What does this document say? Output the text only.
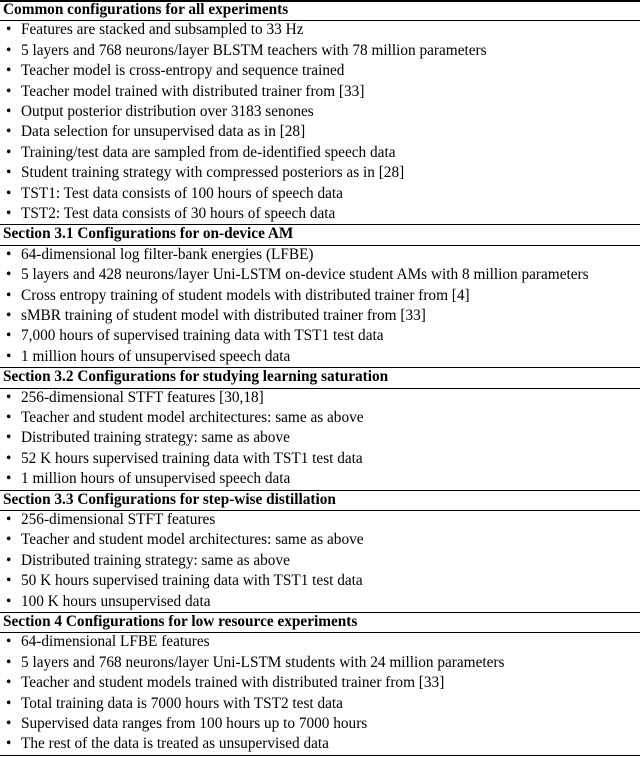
Common configurations for all experiments
• Features are stacked and subsampled to 33 Hz
• 5 layers and 768 neurons/layer BLSTM teachers with 78 million parameters
• Teacher model is cross-entropy and sequence trained
• Teacher model trained with distributed trainer from [33]
• Output posterior distribution over 3183 senones
• Data selection for unsupervised data as in [28]
• Training/test data are sampled from de-identified speech data
• Student training strategy with compressed posteriors as in [28]
• TST1: Test data consists of 100 hours of speech data
• TST2: Test data consists of 30 hours of speech data
Section 3.1 Configurations for on-device AM
• 64-dimensional log filter-bank energies (LFBE)
• 5 layers and 428 neurons/layer Uni-LSTM on-device student AMs with 8 million parameters
• Cross entropy training of student models with distributed trainer from [4]
• sMBR training of student model with distributed trainer from [33]
• 7,000 hours of supervised training data with TST1 test data
• 1 million hours of unsupervised speech data
Section 3.2 Configurations for studying learning saturation
• 256-dimensional STFT features [30,18]
• Teacher and student model architectures: same as above
• Distributed training strategy: same as above
• 52 K hours supervised training data with TST1 test data
• 1 million hours of unsupervised speech data
Section 3.3 Configurations for step-wise distillation
• 256-dimensional STFT features
• Teacher and student model architectures: same as above
• Distributed training strategy: same as above
• 50 K hours supervised training data with TST1 test data
• 100 K hours unsupervised data
Section 4 Configurations for low resource experiments
• 64-dimensional LFBE features
• 5 layers and 768 neurons/layer Uni-LSTM students with 24 million parameters
• Teacher and student models trained with distributed trainer from [33]
• Total training data is 7000 hours with TST2 test data
• Supervised data ranges from 100 hours up to 7000 hours
• The rest of the data is treated as unsupervised data
